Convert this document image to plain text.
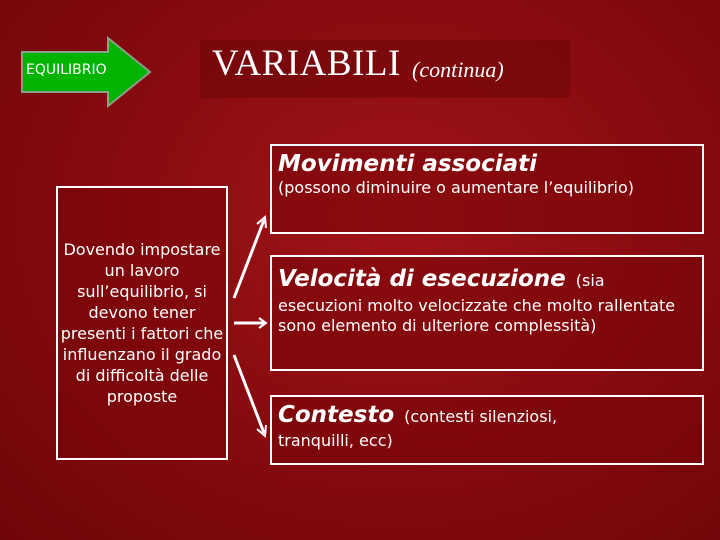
EQUILIBRIO	VARIABILI (continua)
Dovendo impostare un lavoro sull’equilibrio, si devono tener presenti i fattori che influenzano il grado di difficoltà delle proposte
Movimenti associati
(possono diminuire o aumentare l’equilibrio)
Velocità di esecuzione (sia
esecuzioni molto velocizzate che molto rallentate sono elemento di ulteriore complessità)
Contesto (contesti silenziosi,
tranquilli, ecc)
